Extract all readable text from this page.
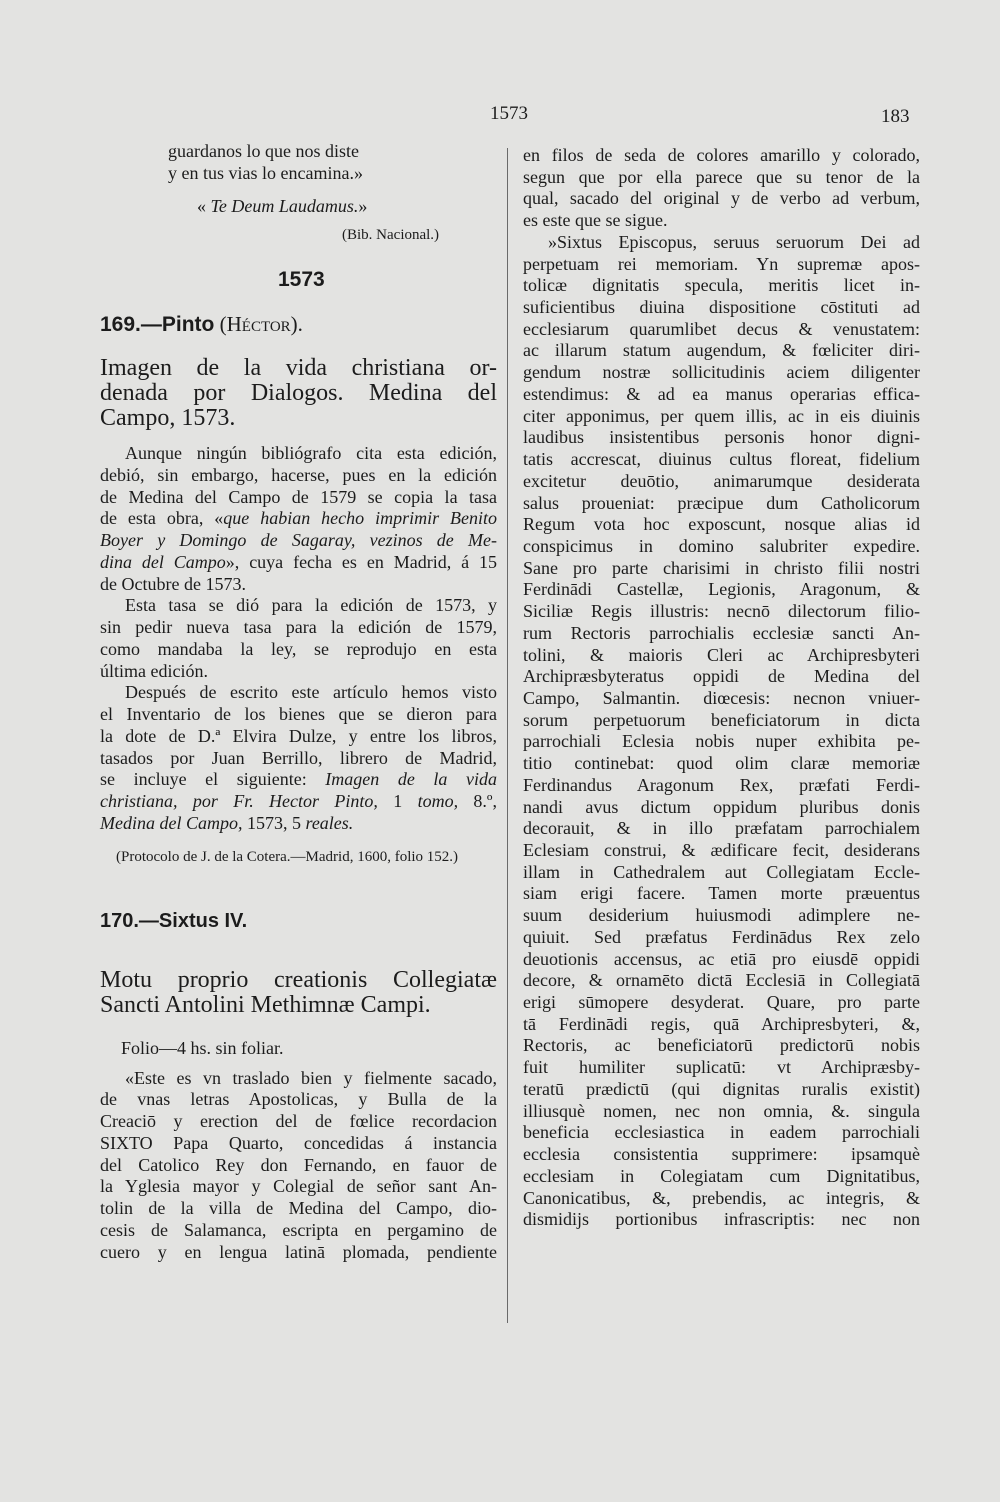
1573	183
guardanos lo que nos diste
y en tus vias lo encamina.»
« Te Deum Laudamus.»
(Bib. Nacional.)
1573
169.—Pinto (Héctor).
Imagen de la vida christiana or-
denada por Dialogos. Medina del
Campo, 1573.
Aunque ningún bibliógrafo cita esta edición,
debió, sin embargo, hacerse, pues en la edición
de Medina del Campo de 1579 se copia la tasa
de esta obra, «que habian hecho imprimir Benito
Boyer y Domingo de Sagaray, vezinos de Me-
dina del Campo», cuya fecha es en Madrid, á 15
de Octubre de 1573.
Esta tasa se dió para la edición de 1573, y
sin pedir nueva tasa para la edición de 1579,
como mandaba la ley, se reprodujo en esta
última edición.
Después de escrito este artículo hemos visto
el Inventario de los bienes que se dieron para
la dote de D.ª Elvira Dulze, y entre los libros,
tasados por Juan Berrillo, librero de Madrid,
se incluye el siguiente: Imagen de la vida
christiana, por Fr. Hector Pinto, 1 tomo, 8.º,
Medina del Campo, 1573, 5 reales.
(Protocolo de J. de la Cotera.—Madrid, 1600, folio 152.)
170.—Sixtus IV.
Motu proprio creationis Collegiatæ
Sancti Antolini Methimnæ Campi.
Folio—4 hs. sin foliar.
«Este es vn traslado bien y fielmente sacado,
de vnas letras Apostolicas, y Bulla de la
Creaciō y erection del de fœlice recordacion
SIXTO Papa Quarto, concedidas á instancia
del Catolico Rey don Fernando, en fauor de
la Yglesia mayor y Colegial de señor sant An-
tolin de la villa de Medina del Campo, dio-
cesis de Salamanca, escripta en pergamino de
cuero y en lengua latinā plomada, pendiente
en filos de seda de colores amarillo y colorado,
segun que por ella parece que su tenor de la
qual, sacado del original y de verbo ad verbum,
es este que se sigue.
»Sixtus Episcopus, seruus seruorum Dei ad
perpetuam rei memoriam. Yn supremæ apos-
tolicæ dignitatis specula, meritis licet in-
suficientibus diuina dispositione cōstituti ad
ecclesiarum quarumlibet decus & venustatem:
ac illarum statum augendum, & fœliciter diri-
gendum nostræ sollicitudinis aciem diligenter
estendimus: & ad ea manus operarias effica-
citer apponimus, per quem illis, ac in eis diuinis
laudibus insistentibus personis honor digni-
tatis accrescat, diuinus cultus floreat, fidelium
excitetur deuōtio, animarumque desiderata
salus proueniat: præcipue dum Catholicorum
Regum vota hoc exposcunt, nosque alias id
conspicimus in domino salubriter expedire.
Sane pro parte charisimi in christo filii nostri
Ferdinādi Castellæ, Legionis, Aragonum, &
Siciliæ Regis illustris: necnō dilectorum filio-
rum Rectoris parrochialis ecclesiæ sancti An-
tolini, & maioris Cleri ac Archipresbyteri
Archipræsbyteratus oppidi de Medina del
Campo, Salmantin. diœcesis: necnon vniuer-
sorum perpetuorum beneficiatorum in dicta
parrochiali Eclesia nobis nuper exhibita pe-
titio continebat: quod olim claræ memoriæ
Ferdinandus Aragonum Rex, præfati Ferdi-
nandi avus dictum oppidum pluribus donis
decorauit, & in illo præfatam parrochialem
Eclesiam construi, & ædificare fecit, desiderans
illam in Cathedralem aut Collegiatam Eccle-
siam erigi facere. Tamen morte præuentus
suum desiderium huiusmodi adimplere ne-
quiuit. Sed præfatus Ferdinādus Rex zelo
deuotionis accensus, ac etiā pro eiusdē oppidi
decore, & ornamēto dictā Ecclesiā in Collegiatā
erigi sūmopere desyderat. Quare, pro parte
tā Ferdinādi regis, quā Archipresbyteri, &,
Rectoris, ac beneficiatorū predictorū nobis
fuit humiliter suplicatū: vt Archipræsby-
teratū prædictū (qui dignitas ruralis existit)
illiusquè nomen, nec non omnia, &. singula
beneficia ecclesiastica in eadem parrochiali
ecclesia consistentia supprimere: ipsamquè
ecclesiam in Colegiatam cum Dignitatibus,
Canonicatibus, &, prebendis, ac integris, &
dismidijs portionibus infrascriptis: nec non
